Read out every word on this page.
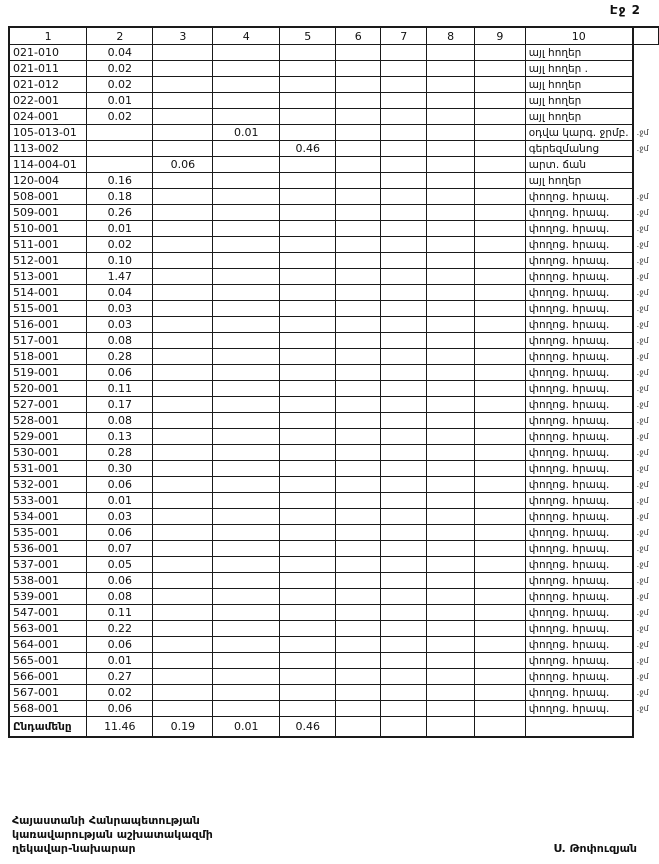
Էջ 2
1	2	3	4	5	6	7	8	9	10	
021-010	0.04								այլ հողեր	
021-011	0.02								այլ հողեր .	
021-012	0.02								այլ հողեր	
022-001	0.01								այլ հողեր	
024-001	0.02								այլ հողեր	
105-013-01			0.01						օդվա կարգ. ջրմբ.	.ջմ
113-002				0.46					գերեզմանոց	.ջմ
114-004-01		0.06							արտ. ճան	
120-004	0.16								այլ հողեր	
508-001	0.18								փողոց. հրապ.	.ջմ
509-001	0.26								փողոց. հրապ.	.ջմ
510-001	0.01								փողոց. հրապ.	.ջմ
511-001	0.02								փողոց. հրապ.	.ջմ
512-001	0.10								փողոց. հրապ.	.ջմ
513-001	1.47								փողոց. հրապ.	.ջմ
514-001	0.04								փողոց. հրապ.	.ջմ
515-001	0.03								փողոց. հրապ.	.ջմ
516-001	0.03								փողոց. հրապ.	.ջմ
517-001	0.08								փողոց. հրապ.	.ջմ
518-001	0.28								փողոց. հրապ.	.ջմ
519-001	0.06								փողոց. հրապ.	.ջմ
520-001	0.11								փողոց. հրապ.	.ջմ
527-001	0.17								փողոց. հրապ.	.ջմ
528-001	0.08								փողոց. հրապ.	.ջմ
529-001	0.13								փողոց. հրապ.	.ջմ
530-001	0.28								փողոց. հրապ.	.ջմ
531-001	0.30								փողոց. հրապ.	.ջմ
532-001	0.06								փողոց. հրապ.	.ջմ
533-001	0.01								փողոց. հրապ.	.ջմ
534-001	0.03								փողոց. հրապ.	.ջմ
535-001	0.06								փողոց. հրապ.	.ջմ
536-001	0.07								փողոց. հրապ.	.ջմ
537-001	0.05								փողոց. հրապ.	.ջմ
538-001	0.06								փողոց. հրապ.	.ջմ
539-001	0.08								փողոց. հրապ.	.ջմ
547-001	0.11								փողոց. հրապ.	.ջմ
563-001	0.22								փողոց. հրապ.	.ջմ
564-001	0.06								փողոց. հրապ.	.ջմ
565-001	0.01								փողոց. հրապ.	.ջմ
566-001	0.27								փողոց. հրապ.	.ջմ
567-001	0.02								փողոց. հրապ.	.ջմ
568-001	0.06								փողոց. հրապ.	.ջմ
Ընդամենը	11.46	0.19	0.01	0.46						
Հայաստանի Հանրապետության
կառավարության աշխատակազմի
ղեկավար-նախարար	Ս. Թոփուզյան
